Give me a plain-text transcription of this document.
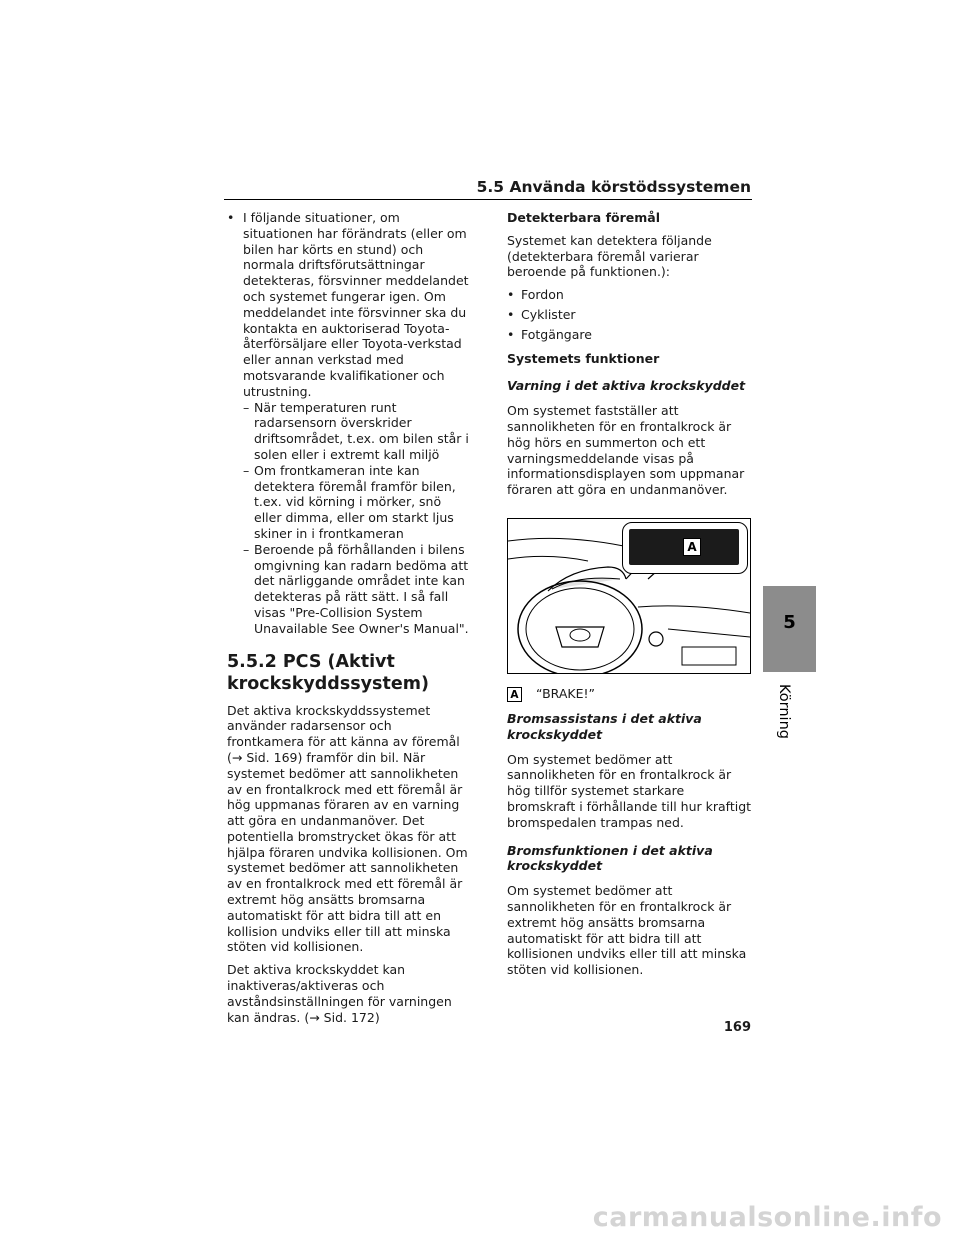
5.5 Använda körstödssystemen
• I följande situationer, om situationen har förändrats (eller om bilen har körts en stund) och normala driftsförutsättningar detekteras, försvinner meddelandet och systemet fungerar igen. Om meddelandet inte försvinner ska du kontakta en auktoriserad Toyota-återförsäljare eller Toyota-verkstad eller annan verkstad med motsvarande kvalifikationer och utrustning.
– När temperaturen runt radarsensorn överskrider driftsområdet, t.ex. om bilen står i solen eller i extremt kall miljö
– Om frontkameran inte kan detektera föremål framför bilen, t.ex. vid körning i mörker, snö eller dimma, eller om starkt ljus skiner in i frontkameran
– Beroende på förhållanden i bilens omgivning kan radarn bedöma att det närliggande området inte kan detekteras på rätt sätt. I så fall visas "Pre-Collision System Unavailable See Owner's Manual".
5.5.2 PCS (Aktivt krockskyddssystem)

Det aktiva krockskyddssystemet använder radarsensor och frontkamera för att känna av föremål (→ Sid. 169) framför din bil. När systemet bedömer att sannolikheten av en frontalkrock med ett föremål är hög uppmanas föraren av en varning att göra en undanmanöver. Det potentiella bromstrycket ökas för att hjälpa föraren undvika kollisionen. Om systemet bedömer att sannolikheten av en frontalkrock med ett föremål är extremt hög ansätts bromsarna automatiskt för att bidra till att en kollision undviks eller till att minska stöten vid kollisionen.

Det aktiva krockskyddet kan inaktiveras/aktiveras och avståndsinställningen för varningen kan ändras. (→ Sid. 172)

Detekterbara föremål

Systemet kan detektera följande (detekterbara föremål varierar beroende på funktionen.):

• Fordon
• Cyklister
• Fotgängare
Systemets funktioner
Varning i det aktiva krockskyddet

Om systemet fastställer att sannolikheten för en frontalkrock är hög hörs en summerton och ett varningsmeddelande visas på informationsdisplayen som uppmanar föraren att göra en undanmanöver.

A
A “BRAKE!”
Bromsassistans i det aktiva krockskyddet

Om systemet bedömer att sannolikheten för en frontalkrock är hög tillför systemet starkare bromskraft i förhållande till hur kraftigt bromspedalen trampas ned.

Bromsfunktionen i det aktiva krockskyddet

Om systemet bedömer att sannolikheten för en frontalkrock är extremt hög ansätts bromsarna automatiskt för att bidra till att kollisionen undviks eller till att minska stöten vid kollisionen.

5
Körning
169
carmanualsonline.info
